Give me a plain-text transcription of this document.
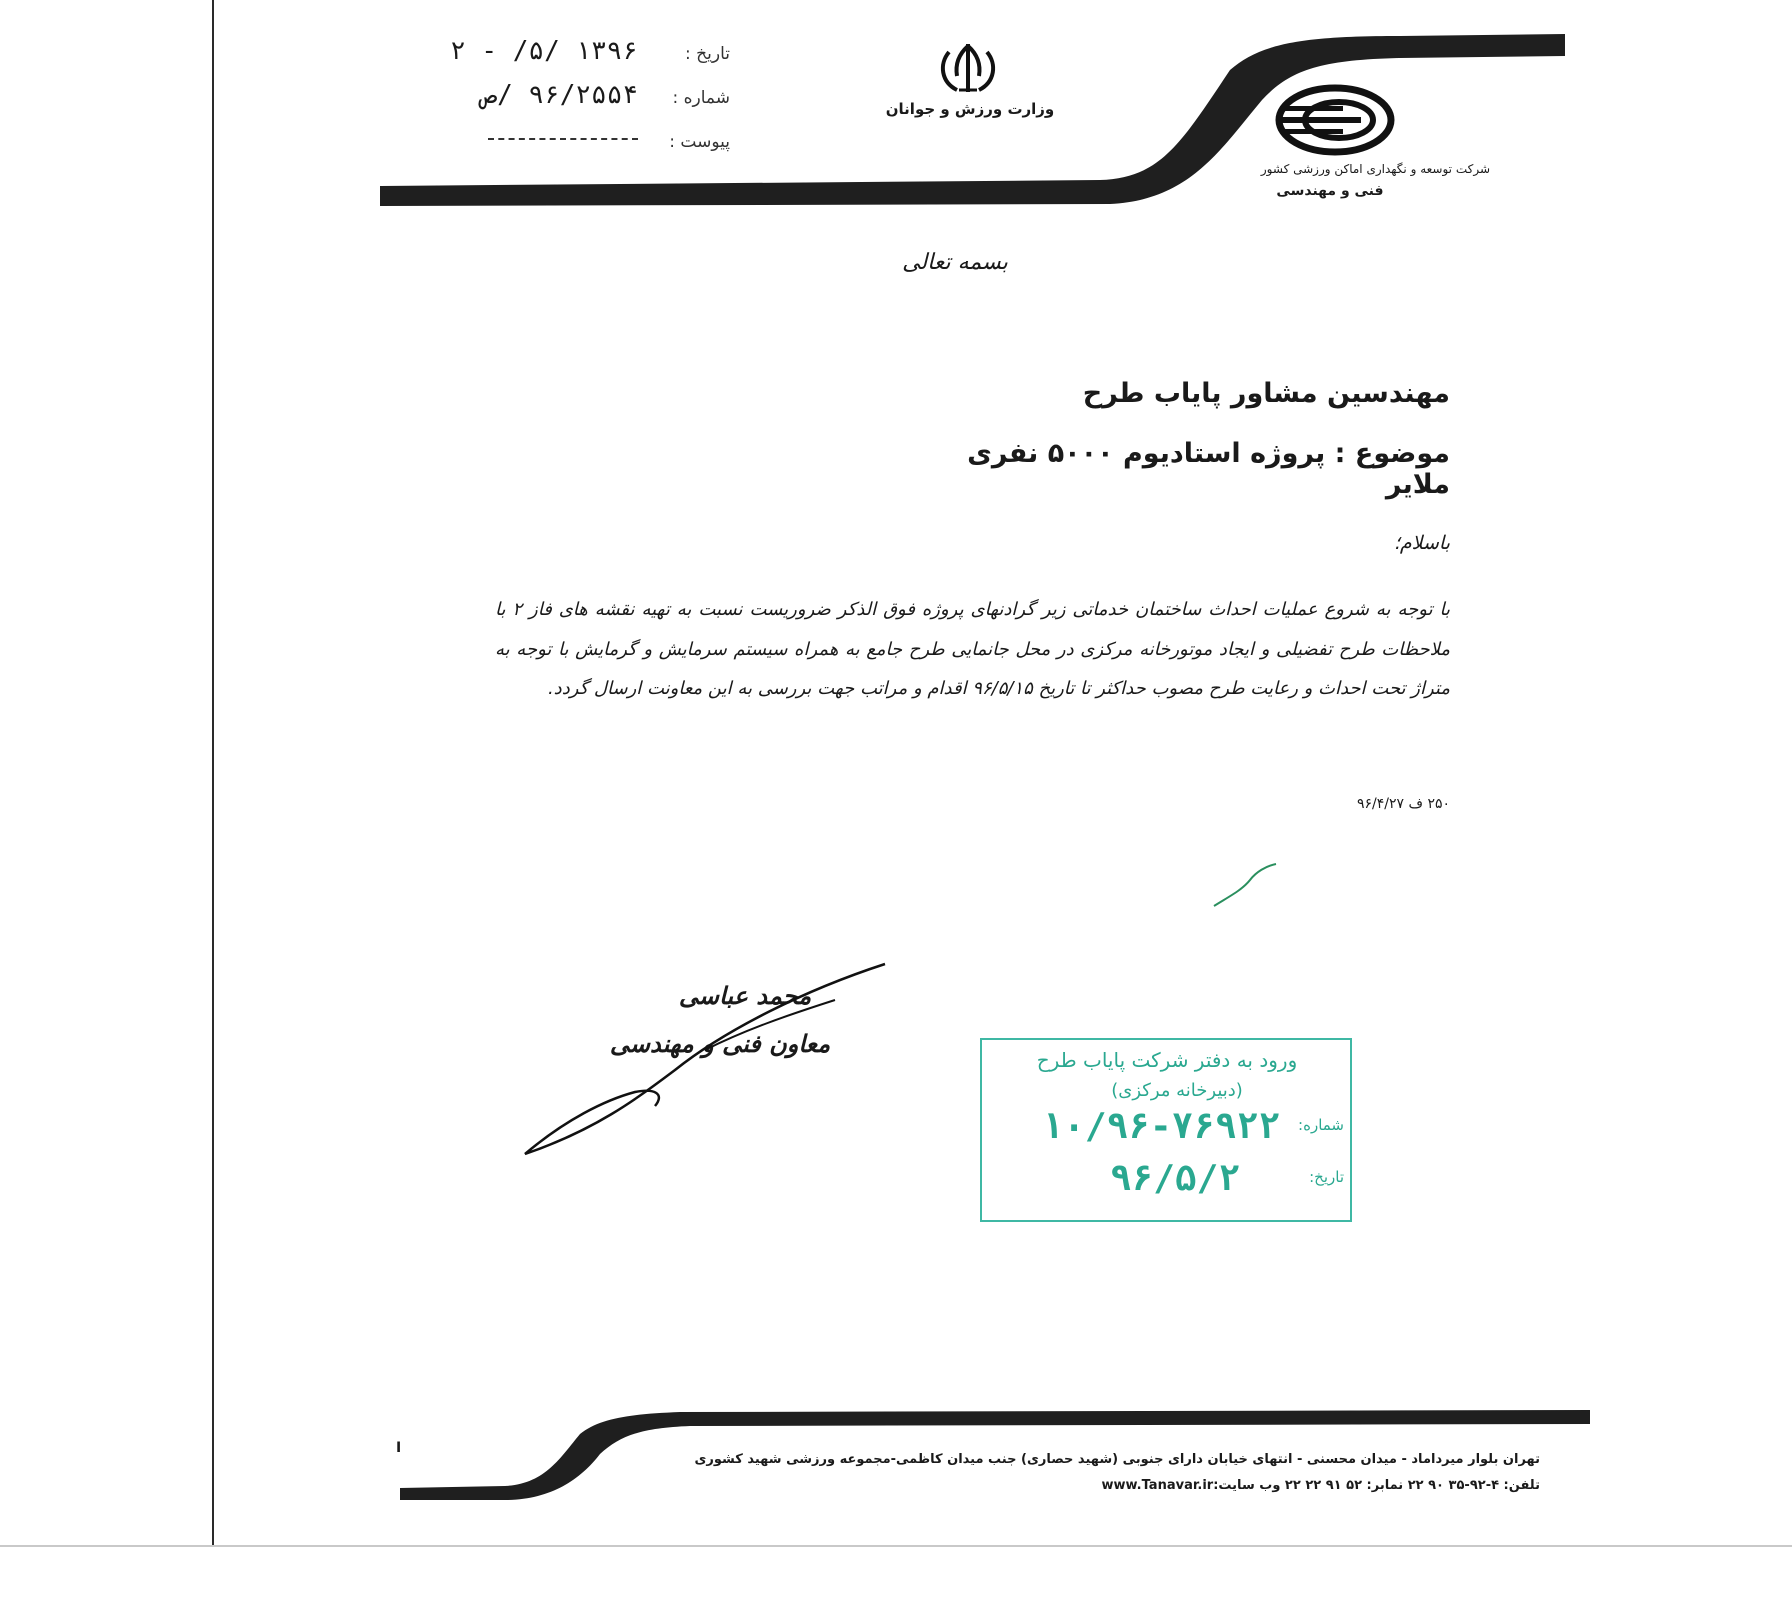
تاریخ :
۱۳۹۶ /۵/ - ۲
شماره :
۹۶/۲۵۵۴ /ص
پیوست :
وزارت ورزش و جوانان
شرکت توسعه و نگهداری اماکن ورزشی کشور
فنی و مهندسی
بسمه تعالی
مهندسین مشاور پایاب طرح
موضوع : پروژه استادیوم ۵۰۰۰ نفری ملایر
باسلام؛
با توجه به شروع عملیات احداث ساختمان خدماتی زیر گرادنهای پروژه فوق الذکر ضروریست نسبت به تهیه نقشه های فاز ۲ با ملاحظات طرح تفضیلی و ایجاد موتورخانه مرکزی در محل جانمایی طرح جامع به همراه سیستم سرمایش و گرمایش با توجه به متراژ تحت احداث و رعایت طرح مصوب حداکثر تا تاریخ ۹۶/۵/۱۵ اقدام و مراتب جهت بررسی به این معاونت ارسال گردد.
۲۵۰ ف ۹۶/۴/۲۷
محمد عباسی
معاون فنی و مهندسی
ورود به دفتر شرکت پایاب طرح
(دبیرخانه مرکزی)
شماره:
۱۰/۹۶-۷۶۹۲۲
تاریخ:
۹۶/۵/۲
I
تهران بلوار میرداماد - میدان محسنی - انتهای خیابان دارای جنوبی (شهید حصاری) جنب میدان کاظمی-مجموعه ورزشی شهید کشوری
تلفن: ۴-۹۲-۳۵ ۹۰ ۲۲ نمابر: ۵۲ ۹۱ ۲۲ ۲۲ وب سایت:www.Tanavar.ir
